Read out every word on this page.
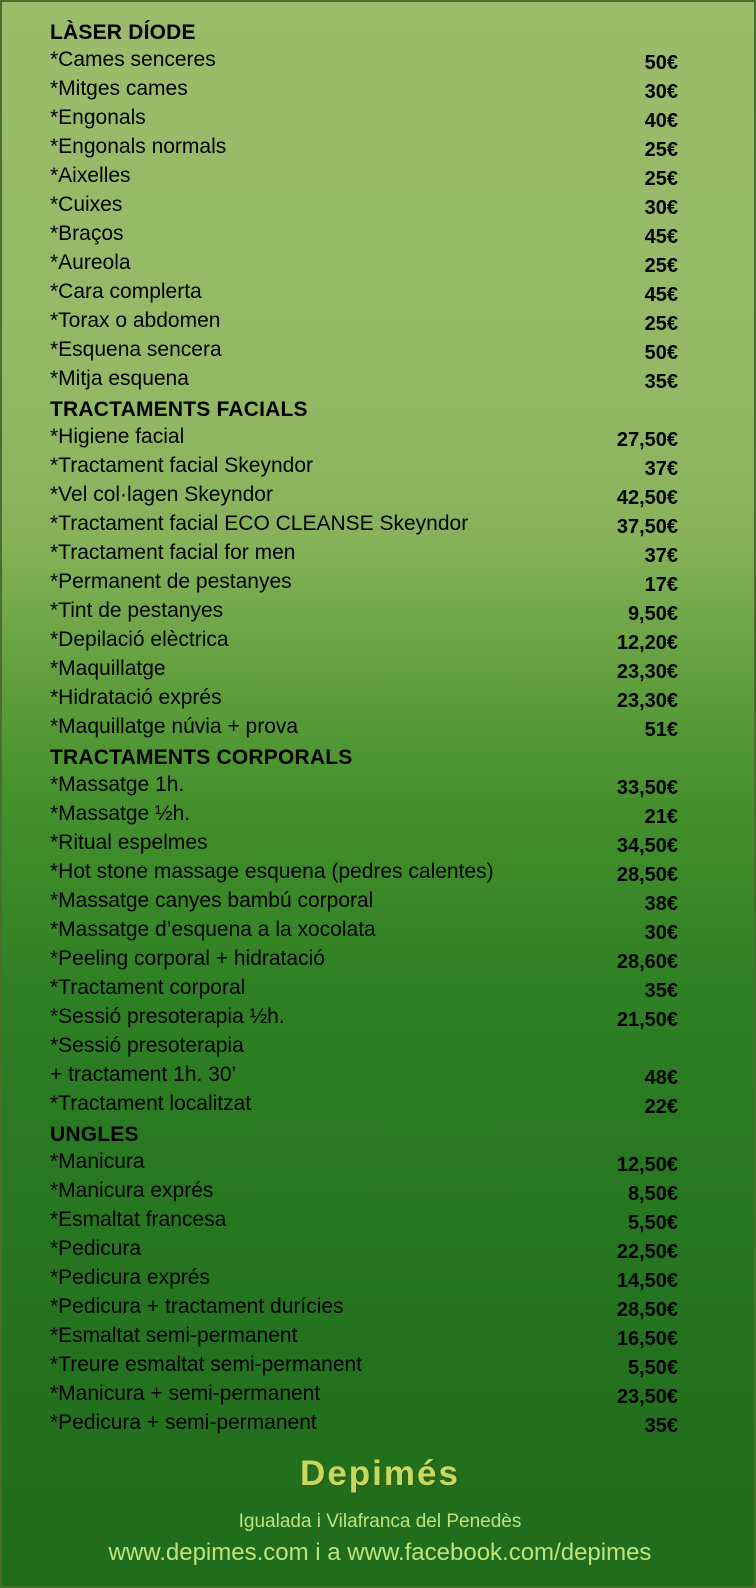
LÀSER DÍODE
*Cames senceres	50€
*Mitges cames	30€
*Engonals	40€
*Engonals normals	25€
*Aixelles	25€
*Cuixes	30€
*Braços	45€
*Aureola	25€
*Cara complerta	45€
*Torax o abdomen	25€
*Esquena sencera	50€
*Mitja esquena	35€
TRACTAMENTS FACIALS
*Higiene facial	27,50€
*Tractament facial Skeyndor	37€
*Vel col·lagen Skeyndor	42,50€
*Tractament facial ECO CLEANSE Skeyndor	37,50€
*Tractament facial for men	37€
*Permanent de pestanyes	17€
*Tint de pestanyes	9,50€
*Depilació elèctrica	12,20€
*Maquillatge	23,30€
*Hidratació exprés	23,30€
*Maquillatge núvia + prova	51€
TRACTAMENTS CORPORALS
*Massatge 1h.	33,50€
*Massatge ½h.	21€
*Ritual espelmes	34,50€
*Hot stone massage esquena (pedres calentes)	28,50€
*Massatge canyes bambú corporal	38€
*Massatge d’esquena a la xocolata	30€
*Peeling corporal + hidratació	28,60€
*Tractament corporal	35€
*Sessió presoterapia ½h.	21,50€
*Sessió presoterapia
+ tractament 1h. 30’	48€
*Tractament localitzat	22€
UNGLES
*Manicura	12,50€
*Manicura exprés	8,50€
*Esmaltat francesa	5,50€
*Pedicura	22,50€
*Pedicura exprés	14,50€
*Pedicura + tractament durícies	28,50€
*Esmaltat semi-permanent	16,50€
*Treure esmaltat semi-permanent	5,50€
*Manicura + semi-permanent	23,50€
*Pedicura + semi-permanent	35€
Depimés
Igualada i Vilafranca del Penedès
www.depimes.com i a www.facebook.com/depimes
